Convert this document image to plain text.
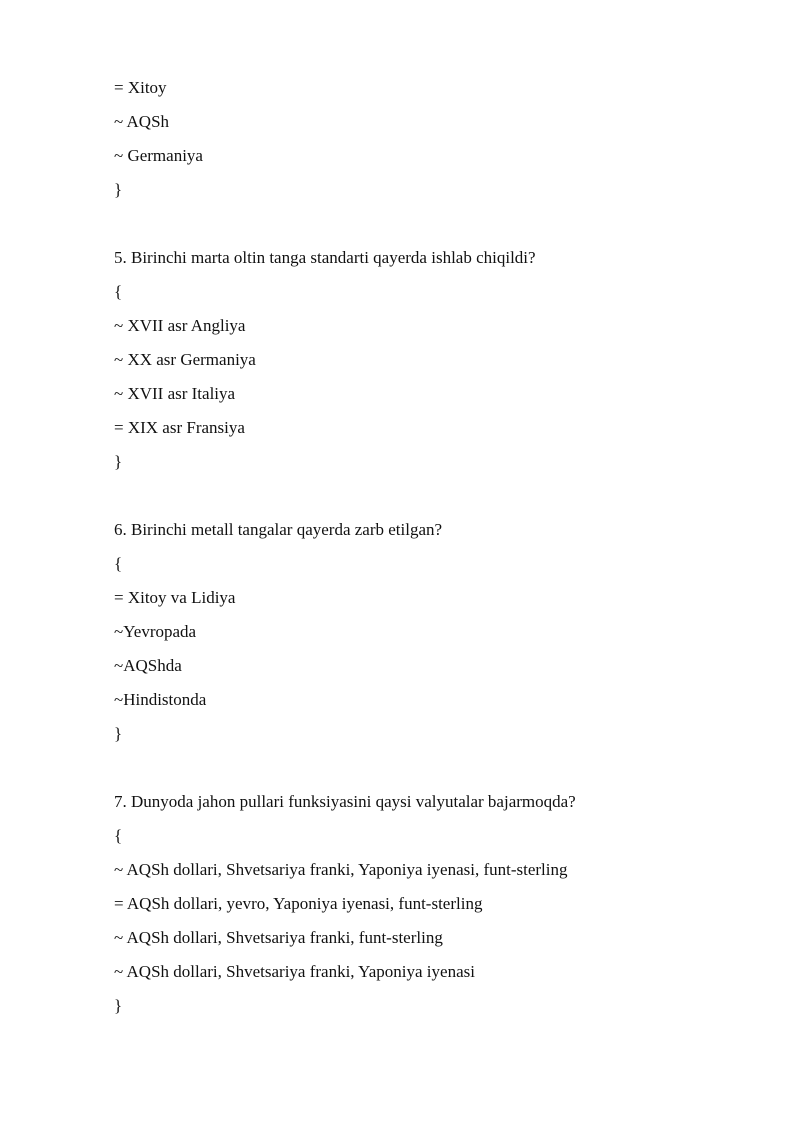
= Xitoy
~ AQSh
~ Germaniya
}
5. Birinchi marta oltin tanga standarti qayerda ishlab chiqildi?
{
~ XVII asr Angliya
~ XX asr Germaniya
~ XVII asr Italiya
= XIX asr Fransiya
}
6. Birinchi metall tangalar qayerda zarb etilgan?
{
= Xitoy va Lidiya
~Yevropada
~AQShda
~Hindistonda
}
7. Dunyoda jahon pullari funksiyasini qaysi valyutalar bajarmoqda?
{
~ AQSh dollari, Shvetsariya franki, Yaponiya iyenasi, funt-sterling
= AQSh dollari, yevro, Yaponiya iyenasi, funt-sterling
~ AQSh dollari, Shvetsariya franki, funt-sterling
~ AQSh dollari, Shvetsariya franki, Yaponiya iyenasi
}
